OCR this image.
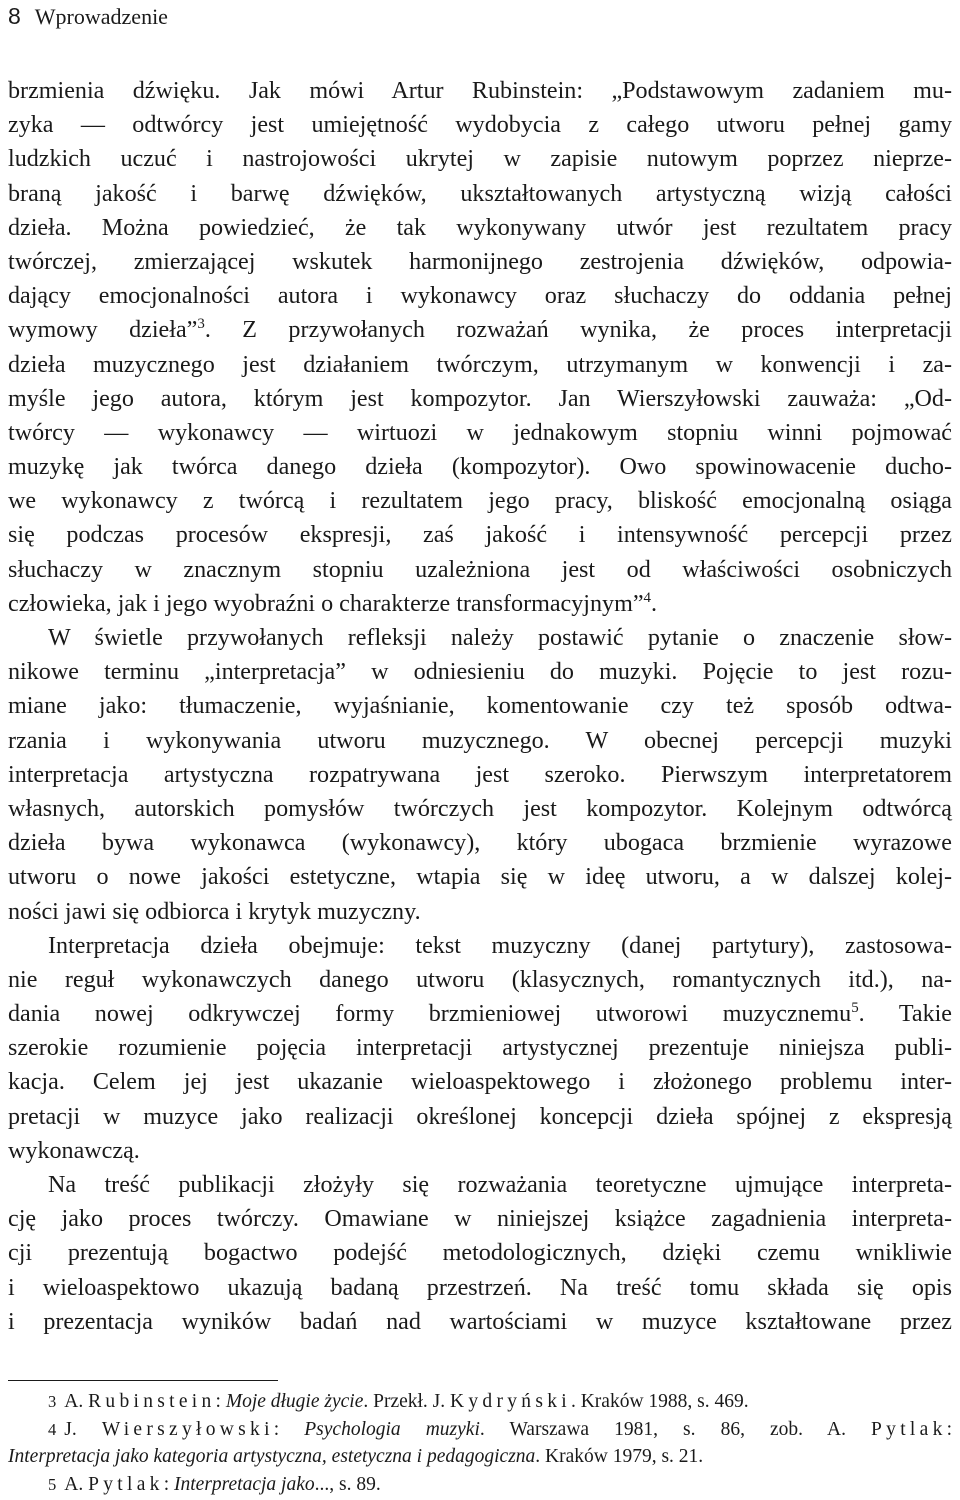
8 Wprowadzenie
brzmienia dźwięku. Jak mówi Artur Rubinstein: „Podstawowym zadaniem mu-
zyka — odtwórcy jest umiejętność wydobycia z całego utworu pełnej gamy
ludzkich uczuć i nastrojowości ukrytej w zapisie nutowym poprzez nieprze-
braną jakość i barwę dźwięków, ukształtowanych artystyczną wizją całości
dzieła. Można powiedzieć, że tak wykonywany utwór jest rezultatem pracy
twórczej, zmierzającej wskutek harmonijnego zestrojenia dźwięków, odpowia-
dający emocjonalności autora i wykonawcy oraz słuchaczy do oddania pełnej
wymowy dzieła”$^3$. Z przywołanych rozważań wynika, że proces interpretacji
dzieła muzycznego jest działaniem twórczym, utrzymanym w konwencji i za-
myśle jego autora, którym jest kompozytor. Jan Wierszyłowski zauważa: „Od-
twórcy — wykonawcy — wirtuozi w jednakowym stopniu winni pojmować
muzykę jak twórca danego dzieła (kompozytor). Owo spowinowacenie ducho-
we wykonawcy z twórcą i rezultatem jego pracy, bliskość emocjonalną osiąga
się podczas procesów ekspresji, zaś jakość i intensywność percepcji przez
słuchaczy w znacznym stopniu uzależniona jest od właściwości osobniczych
człowieka, jak i jego wyobraźni o charakterze transformacyjnym”$^4$.
W świetle przywołanych refleksji należy postawić pytanie o znaczenie słow-
nikowe terminu „interpretacja” w odniesieniu do muzyki. Pojęcie to jest rozu-
miane jako: tłumaczenie, wyjaśnianie, komentowanie czy też sposób odtwa-
rzania i wykonywania utworu muzycznego. W obecnej percepcji muzyki
interpretacja artystyczna rozpatrywana jest szeroko. Pierwszym interpretatorem
własnych, autorskich pomysłów twórczych jest kompozytor. Kolejnym odtwórcą
dzieła bywa wykonawca (wykonawcy), który ubogaca brzmienie wyrazowe
utworu o nowe jakości estetyczne, wtapia się w ideę utworu, a w dalszej kolej-
ności jawi się odbiorca i krytyk muzyczny.
Interpretacja dzieła obejmuje: tekst muzyczny (danej partytury), zastosowa-
nie reguł wykonawczych danego utworu (klasycznych, romantycznych itd.), na-
dania nowej odkrywczej formy brzmieniowej utworowi muzycznemu$^5$. Takie
szerokie rozumienie pojęcia interpretacji artystycznej prezentuje niniejsza publi-
kacja. Celem jej jest ukazanie wieloaspektowego i złożonego problemu inter-
pretacji w muzyce jako realizacji określonej koncepcji dzieła spójnej z ekspresją
wykonawczą.
Na treść publikacji złożyły się rozważania teoretyczne ujmujące interpreta-
cję jako proces twórczy. Omawiane w niniejszej książce zagadnienia interpreta-
cji prezentują bogactwo podejść metodologicznych, dzięki czemu wnikliwie
i wieloaspektowo ukazują badaną przestrzeń. Na treść tomu składa się opis
i prezentacja wyników badań nad wartościami w muzyce kształtowane przez
3 A. Rubinstein: Moje długie życie. Przekł. J. Kydryński. Kraków 1988, s. 469.
4 J. Wierszyłowski: Psychologia muzyki. Warszawa 1981, s. 86, zob. A. Pytlak:
Interpretacja jako kategoria artystyczna, estetyczna i pedagogiczna. Kraków 1979, s. 21.
5 A. Pytlak: Interpretacja jako..., s. 89.
